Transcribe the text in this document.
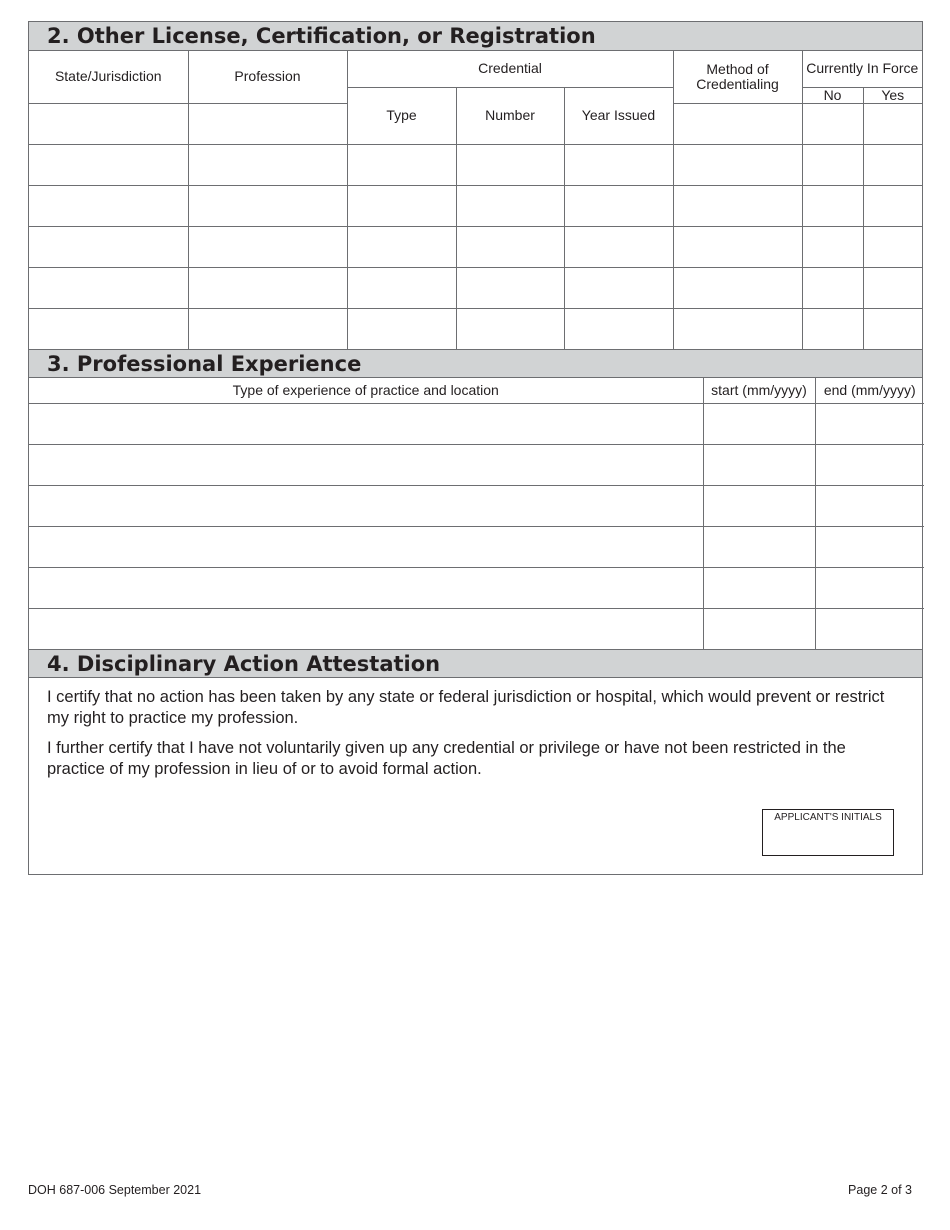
2. Other License, Certification, or Registration
State/Jurisdiction	Profession	Credential			Method of Credentialing	Currently In Force		
		Type	Number	Year Issued		No	Yes	

3. Professional Experience
Type of experience of practice and location	start (mm/yyyy)	end (mm/yyyy)

4. Disciplinary Action Attestation

I certify that no action has been taken by any state or federal jurisdiction or hospital, which would prevent or restrict my right to practice my profession.

I further certify that I have not voluntarily given up any credential or privilege or have not been restricted in the practice of my profession in lieu of or to avoid formal action.

APPLICANT'S INITIALS
DOH 687-006 September 2021	Page 2 of 3
